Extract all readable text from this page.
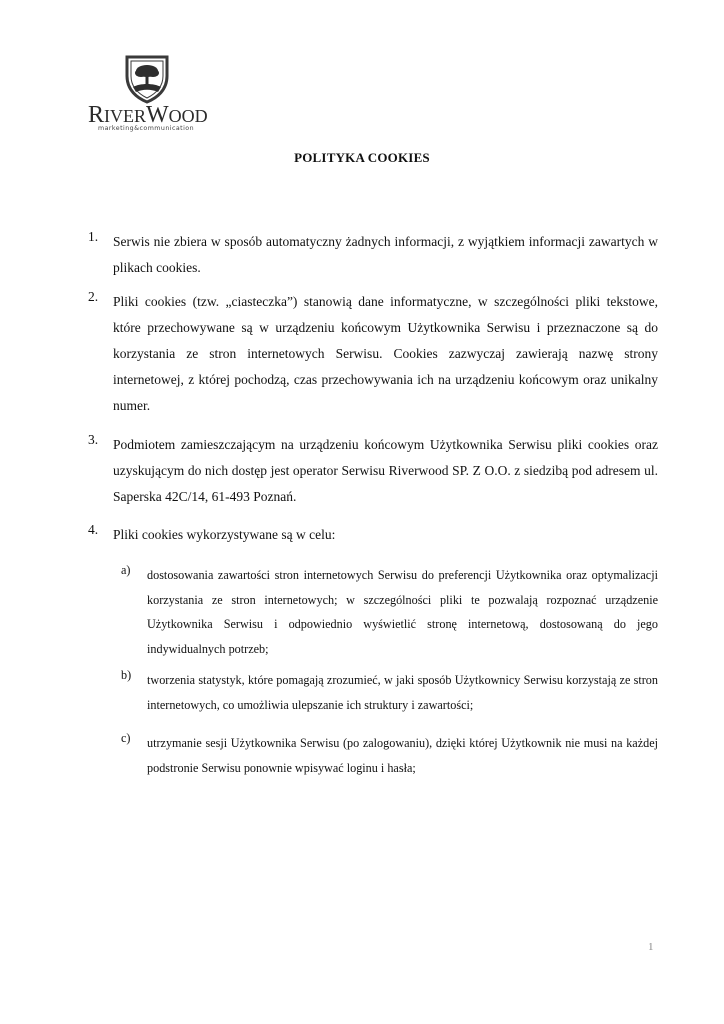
RIVERWOOD
marketing&communication
POLITYKA COOKIES
1. Serwis nie zbiera w sposób automatyczny żadnych informacji, z wyjątkiem informacji zawartych w plikach cookies.
2. Pliki cookies (tzw. „ciasteczka”) stanowią dane informatyczne, w szczególności pliki tekstowe, które przechowywane są w urządzeniu końcowym Użytkownika Serwisu i przeznaczone są do korzystania ze stron internetowych Serwisu. Cookies zazwyczaj zawierają nazwę strony internetowej, z której pochodzą, czas przechowywania ich na urządzeniu końcowym oraz unikalny numer.
3. Podmiotem zamieszczającym na urządzeniu końcowym Użytkownika Serwisu pliki cookies oraz uzyskującym do nich dostęp jest operator Serwisu Riverwood SP. Z O.O. z siedzibą pod adresem ul. Saperska 42C/14, 61-493 Poznań.
4. Pliki cookies wykorzystywane są w celu:
a) dostosowania zawartości stron internetowych Serwisu do preferencji Użytkownika oraz optymalizacji korzystania ze stron internetowych; w szczególności pliki te pozwalają rozpoznać urządzenie Użytkownika Serwisu i odpowiednio wyświetlić stronę internetową, dostosowaną do jego indywidualnych potrzeb;
b) tworzenia statystyk, które pomagają zrozumieć, w jaki sposób Użytkownicy Serwisu korzystają ze stron internetowych, co umożliwia ulepszanie ich struktury i zawartości;
c) utrzymanie sesji Użytkownika Serwisu (po zalogowaniu), dzięki której Użytkownik nie musi na każdej podstronie Serwisu ponownie wpisywać loginu i hasła;
1
